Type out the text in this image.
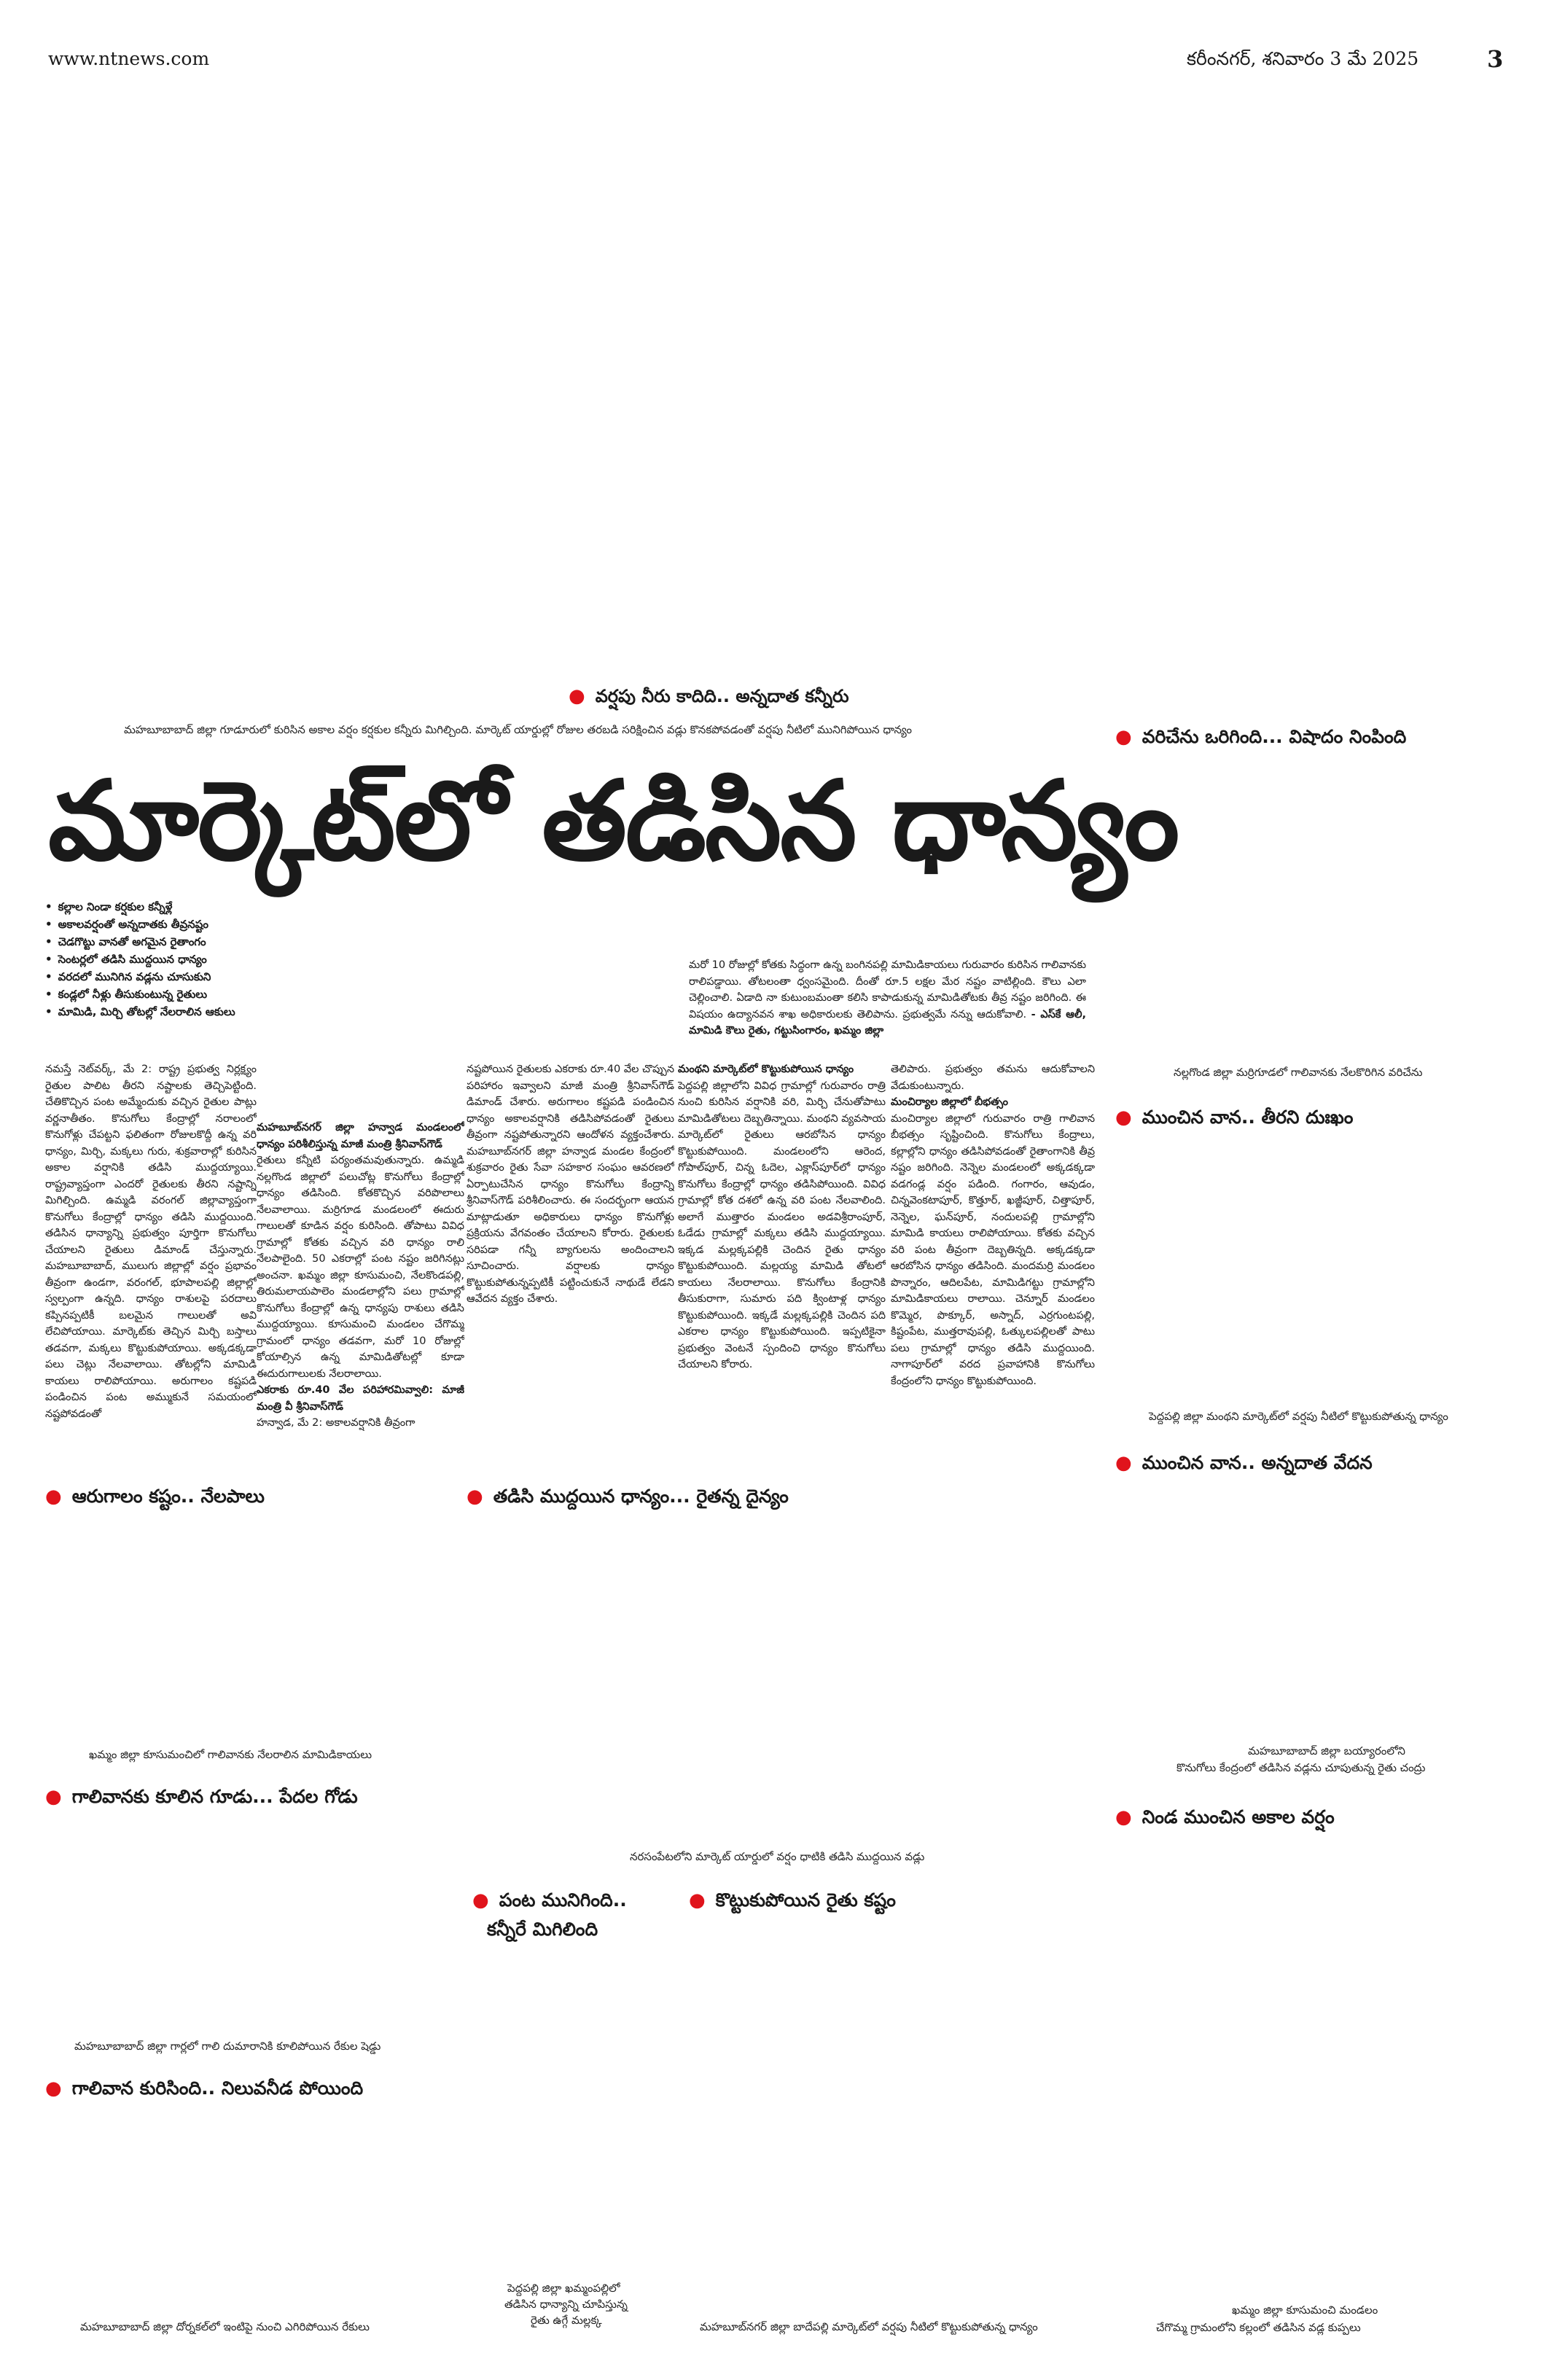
www.ntnews.com	కరీంనగర్, శనివారం 3 మే 2025	3
● వర్షపు నీరు కాదిది.. అన్నదాత కన్నీరు
మహబూబాబాద్ జిల్లా గూడూరులో కురిసిన అకాల వర్షం కర్షకుల కన్నీరు మిగిల్చింది. మార్కెట్ యార్డుల్లో రోజుల తరబడి సరిక్షించిన వడ్లు కొనకపోవడంతో వర్షపు నీటిలో మునిగిపోయిన ధాన్యం
మార్కెట్‌లో తడిసిన ధాన్యం
• కల్లాల నిండా కర్షకుల కన్నీళ్లే
• అకాలవర్షంతో అన్నదాతకు తీవ్రనష్టం
• చెడగొట్టు వానతో అగమైన రైతాంగం
• సెంటర్లలో తడిసి ముద్దయిన ధాన్యం
• వరదలో మునిగిన వడ్లను చూసుకుని
• కండ్లలో నీళ్లు తీసుకుంటున్న రైతులు
• మామిడి, మిర్చి తోటల్లో నేలరాలిన ఆకులు
నమస్తే నెట్‌వర్క్, మే 2: రాష్ట్ర ప్రభుత్వ నిర్లక్ష్యం రైతుల పాలిట తీరని నష్టాలకు తెచ్చిపెట్టింది. చేతికొచ్చిన పంట అమ్మేందుకు వచ్చిన రైతుల పాట్లు వర్ణనాతీతం. కొనుగోలు కేంద్రాల్లో నరాలంలో కొనుగోళ్లు చేపట్టని ఫలితంగా రోజులకొద్దీ ఉన్న వరి ధాన్యం, మిర్చి, మక్కలు గురు, శుక్రవారాల్లో కురిసిన అకాల వర్షానికి తడిసి ముద్దయ్యాయి. రాష్ట్రవ్యాప్తంగా ఎందరో రైతులకు తీరని నష్టాన్ని మిగిల్చింది. ఉమ్మడి వరంగల్ జిల్లావ్యాప్తంగా కొనుగోలు కేంద్రాల్లో ధాన్యం తడిసి ముద్దయింది. తడిసిన ధాన్యాన్ని ప్రభుత్వం పూర్తిగా కొనుగోలు చేయాలని రైతులు డిమాండ్ చేస్తున్నారు. మహబూబాబాద్, ములుగు జిల్లాల్లో వర్షం ప్రభావం తీవ్రంగా ఉండగా, వరంగల్, భూపాలపల్లి జిల్లాల్లో స్వల్పంగా ఉన్నది. ధాన్యం రాశులపై పరదాలు కప్పినప్పటికీ బలమైన గాలులతో అవి లేచిపోయాయి. మార్కెట్‌కు తెచ్చిన మిర్చి బస్తాలు తడవగా, మక్కలు కొట్టుకుపోయాయి. అక్కడక్కడా పలు చెట్లు నేలవాలాయి. తోటల్లోని మామిడి కాయలు రాలిపోయాయి. అరుగాలం కష్టపడి పండించిన పంట అమ్ముకునే సమయంలో నష్టపోవడంతో
మహబూబ్‌నగర్ జిల్లా హన్వాడ మండలంలో ధాన్యం పరిశీలిస్తున్న మాజీ మంత్రి శ్రీనివాస్‌గౌడ్
రైతులు కన్నీటి పర్యంతమవుతున్నారు. ఉమ్మడి నల్లగొండ జిల్లాలో పలుచోట్ల కొనుగోలు కేంద్రాల్లో ధాన్యం తడిసింది. కోతకొచ్చిన వరిపొలాలు నేలవాలాయి. మర్రిగూడ మండలంలో ఈదురు గాలులతో కూడిన వర్షం కురిసింది. తోపాటు వివిధ గ్రామాల్లో కోతకు వచ్చిన వరి ధాన్యం రాలి నేలపాలైంది. 50 ఎకరాల్లో పంట నష్టం జరిగినట్లు అంచనా. ఖమ్మం జిల్లా కూసుమంచి, నేలకొండపల్లి, తిరుమలాయపాలెం మండలాల్లోని పలు గ్రామాల్లో కొనుగోలు కేంద్రాల్లో ఉన్న ధాన్యపు రాశులు తడిసి ముద్దయ్యాయి. కూసుమంచి మండలం చేగొమ్మ గ్రామంలో ధాన్యం తడవగా, మరో 10 రోజుల్లో కోయాల్సిన ఉన్న మామిడితోటల్లో కూడా ఈదురుగాలులకు నేలరాలాయి.
ఎకరాకు రూ.40 వేల పరిహారమివ్వాలి: మాజీ మంత్రి వీ శ్రీనివాస్‌గౌడ్
హన్వాడ, మే 2: అకాలవర్షానికి తీవ్రంగా
నష్టపోయిన రైతులకు ఎకరాకు రూ.40 వేల చొప్పున పరిహారం ఇవ్వాలని మాజీ మంత్రి శ్రీనివాస్‌గౌడ్ డిమాండ్ చేశారు. అరుగాలం కష్టపడి పండించిన ధాన్యం అకాలవర్షానికి తడిసిపోవడంతో రైతులు తీవ్రంగా నష్టపోతున్నారని ఆందోళన వ్యక్తంచేశారు. మహబూబ్‌నగర్ జిల్లా హన్వాడ మండల కేంద్రంలో శుక్రవారం రైతు సేవా సహకార సంఘం ఆవరణలో ఏర్పాటుచేసిన ధాన్యం కొనుగోలు కేంద్రాన్ని శ్రీనివాస్‌గౌడ్ పరిశీలించారు. ఈ సందర్భంగా ఆయన మాట్లాడుతూ అధికారులు ధాన్యం కొనుగోళ్లు ప్రక్రియను వేగవంతం చేయాలని కోరారు. రైతులకు సరిపడా గన్నీ బ్యాగులను అందించాలని సూచించారు. వర్షాలకు ధాన్యం కొట్టుకుపోతున్నప్పటికీ పట్టించుకునే నాథుడే లేడని ఆవేదన వ్యక్తం చేశారు.
మంథని మార్కెట్‌లో కొట్టుకుపోయిన ధాన్యం
పెద్దపల్లి జిల్లాలోని వివిధ గ్రామాల్లో గురువారం రాత్రి నుంచి కురిసిన వర్షానికి వరి, మిర్చి చేనుతోపాటు మామిడితోటలు దెబ్బతిన్నాయి. మంథని వ్యవసాయ మార్కెట్‌లో రైతులు ఆరబోసిన ధాన్యం కొట్టుకుపోయింది. మండలంలోని ఆరెంద, గోపాల్‌పూర్, చిన్న ఓదెల, ఎక్లాస్‌పూర్‌లో ధాన్యం కొనుగోలు కేంద్రాల్లో ధాన్యం తడిసిపోయింది. వివిధ గ్రామాల్లో కోత దశలో ఉన్న వరి పంట నేలవాలింది. అలాగే ముత్తారం మండలం అడవిశ్రీరాంపూర్, ఓడేడు గ్రామాల్లో మక్కలు తడిసి ముద్దయ్యాయి. ఇక్కడ మల్లక్కపల్లికి చెందిన రైతు ధాన్యం కొట్టుకుపోయింది. మల్లయ్య మామిడి తోటలో కాయలు నేలరాలాయి. కొనుగోలు కేంద్రానికి తీసుకురాగా, సుమారు పది క్వింటాళ్ల ధాన్యం కొట్టుకుపోయింది. ఇక్కడే మల్లక్కపల్లికి చెందిన పది ఎకరాల ధాన్యం కొట్టుకుపోయింది. ఇప్పటికైనా ప్రభుత్వం వెంటనే స్పందించి ధాన్యం కొనుగోలు చేయాలని కోరారు.
మరో 10 రోజుల్లో కోతకు సిద్ధంగా ఉన్న బంగినపల్లి మామిడికాయలు గురువారం కురిసిన గాలివానకు రాలిపడ్డాయి. తోటలంతా ధ్వంసమైంది. దీంతో రూ.5 లక్షల మేర నష్టం వాటిల్లింది. కౌలు ఎలా చెల్లించాలి. ఏడాది నా కుటుంబమంతా కలిసి కాపాడుకున్న మామిడితోటకు తీవ్ర నష్టం జరిగింది. ఈ విషయం ఉద్యానవన శాఖ అధికారులకు తెలిపాను. ప్రభుత్వమే నన్ను ఆదుకోవాలి. - ఎస్‌కే ఆలీ, మామిడి కౌలు రైతు, గట్టుసింగారం, ఖమ్మం జిల్లా
తెలిపారు. ప్రభుత్వం తమను ఆదుకోవాలని వేడుకుంటున్నారు.
మంచిర్యాల జిల్లాలో బీభత్సం
మంచిర్యాల జిల్లాలో గురువారం రాత్రి గాలివాన బీభత్సం సృష్టించింది. కొనుగోలు కేంద్రాలు, కల్లాల్లోని ధాన్యం తడిసిపోవడంతో రైతాంగానికి తీవ్ర నష్టం జరిగింది. నెన్నెల మండలంలో అక్కడక్కడా వడగండ్ల వర్షం పడింది. గంగారం, ఆవుడం, చిన్నవెంకటాపూర్, కొత్తూర్, ఖజ్జీపూర్, చిత్తాపూర్, నెన్నెల, ఘన్‌పూర్, నందులపల్లి గ్రామాల్లోని మామిడి కాయలు రాలిపోయాయి. కోతకు వచ్చిన వరి పంట తీవ్రంగా దెబ్బతిన్నది. అక్కడక్కడా ఆరబోసిన ధాన్యం తడిసింది. మందమర్రి మండలం పొన్నారం, ఆదిలపేట, మామిడిగట్టు గ్రామాల్లోని మామిడికాయలు రాలాయి. చెన్నూర్ మండలం కొమ్మెర, పొక్కూర్, అస్నాద్, ఎర్రగుంటపల్లి, కిష్టంపేట, ముత్తరావుపల్లి, ఓత్కులపల్లిలతో పాటు పలు గ్రామాల్లో ధాన్యం తడిసి ముద్దయింది. నాగాపూర్‌లో వరద ప్రవాహానికి కొనుగోలు కేంద్రంలోని ధాన్యం కొట్టుకుపోయింది.
● ఆరుగాలం కష్టం.. నేలపాలు	● తడిసి ముద్దయిన ధాన్యం... రైతన్న దైన్యం
● వరిచేను ఒరిగింది... విషాదం నింపింది
నల్లగొండ జిల్లా మర్రిగూడలో గాలివానకు నేలకొరిగిన వరిచేను
● ముంచిన వాన.. తీరని దుఃఖం
పెద్దపల్లి జిల్లా మంథని మార్కెట్‌లో వర్షపు నీటిలో కొట్టుకుపోతున్న ధాన్యం
● ముంచిన వాన.. అన్నదాత వేదన
ఖమ్మం జిల్లా కూసుమంచిలో గాలివానకు నేలరాలిన మామిడికాయలు
● గాలివానకు కూలిన గూడు... పేదల గోడు
మహబూబాబాద్ జిల్లా గార్లలో గాలి దుమారానికి కూలిపోయిన రేకుల షెడ్డు
● గాలివాన కురిసింది.. నిలువనీడ పోయింది
మహబూబాబాద్ జిల్లా బయ్యారంలోని
కొనుగోలు కేంద్రంలో తడిసిన వడ్లను చూపుతున్న రైతు చంద్రు
● నిండ ముంచిన అకాల వర్షం
నరసంపేటలోని మార్కెట్ యార్డులో వర్షం ధాటికి తడిసి ముద్దయిన వడ్లు
● పంట మునిగింది..
కన్నీరే మిగిలింది
● కొట్టుకుపోయిన రైతు కష్టం
మహబూబాబాద్ జిల్లా దోర్నకల్‌లో ఇంటిపై నుంచి ఎగిరిపోయిన రేకులు
పెద్దపల్లి జిల్లా ఖమ్మంపల్లిలో
తడిసిన ధాన్యాన్ని చూపిస్తున్న
రైతు ఉగ్గే మల్లక్క	మహబూబ్‌నగర్ జిల్లా బాదేపల్లి మార్కెట్‌లో వర్షపు నీటిలో కొట్టుకుపోతున్న ధాన్యం
ఖమ్మం జిల్లా కూసుమంచి మండలం
చేగొమ్మ గ్రామంలోని కల్లంలో తడిసిన వడ్ల కుప్పలు
